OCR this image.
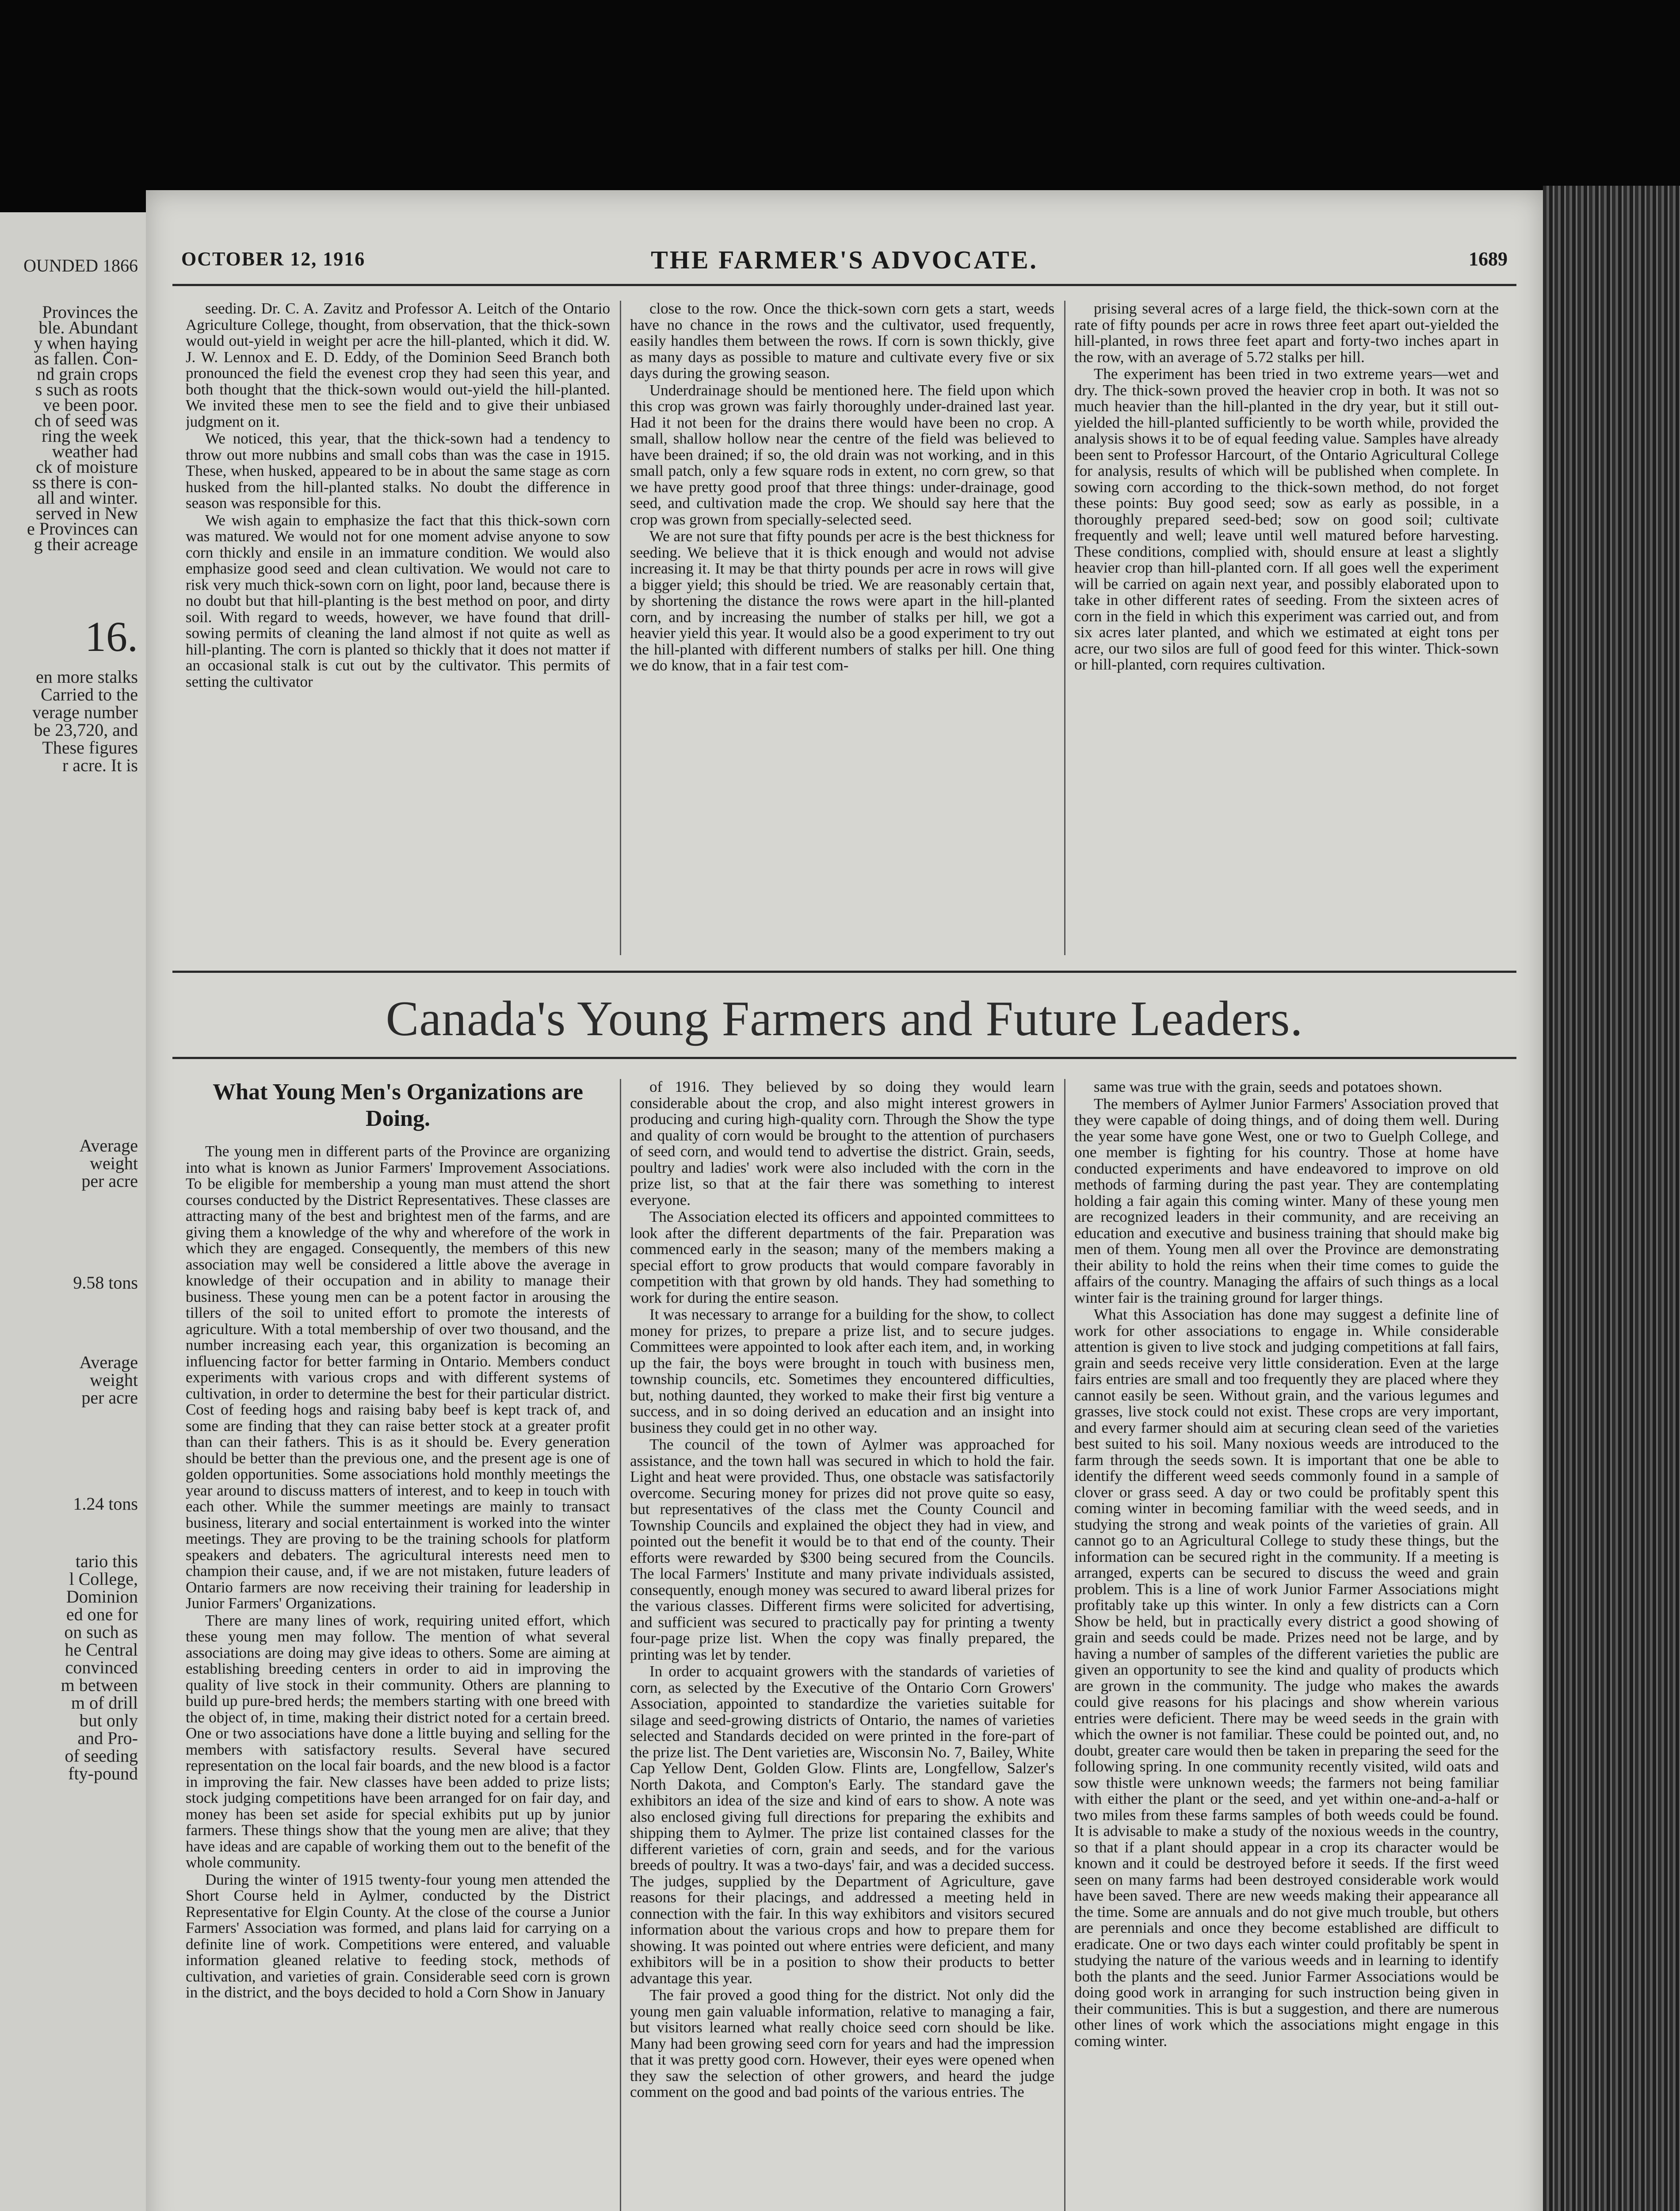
OUNDED 1866
Provinces the
ble. Abundant
y when haying
as fallen. Con-
nd grain crops
s such as roots
ve been poor.
ch of seed was
ring the week
weather had
ck of moisture
ss there is con-
all and winter.
served in New
e Provinces can
g their acreage
16.
en more stalks
Carried to the
verage number
be 23,720, and
These figures
r acre. It is
Average
weight
per acre
9.58 tons
Average
weight
per acre
1.24 tons
tario this
l College,
Dominion
ed one for
on such as
he Central
convinced
m between
m of drill
but only
and Pro-
of seeding
fty-pound
OCTOBER 12, 1916	THE FARMER'S ADVOCATE.	1689

seeding. Dr. C. A. Zavitz and Professor A. Leitch of the Ontario Agriculture College, thought, from observation, that the thick-sown would out-yield in weight per acre the hill-planted, which it did. W. J. W. Lennox and E. D. Eddy, of the Dominion Seed Branch both pronounced the field the evenest crop they had seen this year, and both thought that the thick-sown would out-yield the hill-planted. We invited these men to see the field and to give their unbiased judgment on it.

We noticed, this year, that the thick-sown had a tendency to throw out more nubbins and small cobs than was the case in 1915. These, when husked, appeared to be in about the same stage as corn husked from the hill-planted stalks. No doubt the difference in season was responsible for this.

We wish again to emphasize the fact that this thick-sown corn was matured. We would not for one moment advise anyone to sow corn thickly and ensile in an immature condition. We would also emphasize good seed and clean cultivation. We would not care to risk very much thick-sown corn on light, poor land, because there is no doubt but that hill-planting is the best method on poor, and dirty soil. With regard to weeds, however, we have found that drill-sowing permits of cleaning the land almost if not quite as well as hill-planting. The corn is planted so thickly that it does not matter if an occasional stalk is cut out by the cultivator. This permits of setting the cultivator

close to the row. Once the thick-sown corn gets a start, weeds have no chance in the rows and the cultivator, used frequently, easily handles them between the rows. If corn is sown thickly, give as many days as possible to mature and cultivate every five or six days during the growing season.

Underdrainage should be mentioned here. The field upon which this crop was grown was fairly thoroughly under-drained last year. Had it not been for the drains there would have been no crop. A small, shallow hollow near the centre of the field was believed to have been drained; if so, the old drain was not working, and in this small patch, only a few square rods in extent, no corn grew, so that we have pretty good proof that three things: under-drainage, good seed, and cultivation made the crop. We should say here that the crop was grown from specially-selected seed.

We are not sure that fifty pounds per acre is the best thickness for seeding. We believe that it is thick enough and would not advise increasing it. It may be that thirty pounds per acre in rows will give a bigger yield; this should be tried. We are reasonably certain that, by shortening the distance the rows were apart in the hill-planted corn, and by increasing the number of stalks per hill, we got a heavier yield this year. It would also be a good experiment to try out the hill-planted with different numbers of stalks per hill. One thing we do know, that in a fair test com-

prising several acres of a large field, the thick-sown corn at the rate of fifty pounds per acre in rows three feet apart out-yielded the hill-planted, in rows three feet apart and forty-two inches apart in the row, with an average of 5.72 stalks per hill.

The experiment has been tried in two extreme years—wet and dry. The thick-sown proved the heavier crop in both. It was not so much heavier than the hill-planted in the dry year, but it still out-yielded the hill-planted sufficiently to be worth while, provided the analysis shows it to be of equal feeding value. Samples have already been sent to Professor Harcourt, of the Ontario Agricultural College for analysis, results of which will be published when complete. In sowing corn according to the thick-sown method, do not forget these points: Buy good seed; sow as early as possible, in a thoroughly prepared seed-bed; sow on good soil; cultivate frequently and well; leave until well matured before harvesting. These conditions, complied with, should ensure at least a slightly heavier crop than hill-planted corn. If all goes well the experiment will be carried on again next year, and possibly elaborated upon to take in other different rates of seeding. From the sixteen acres of corn in the field in which this experiment was carried out, and from six acres later planted, and which we estimated at eight tons per acre, our two silos are full of good feed for this winter. Thick-sown or hill-planted, corn requires cultivation.

Canada's Young Farmers and Future Leaders.
What Young Men's Organizations are Doing.

The young men in different parts of the Province are organizing into what is known as Junior Farmers' Improvement Associations. To be eligible for membership a young man must attend the short courses conducted by the District Representatives. These classes are attracting many of the best and brightest men of the farms, and are giving them a knowledge of the why and wherefore of the work in which they are engaged. Consequently, the members of this new association may well be considered a little above the average in knowledge of their occupation and in ability to manage their business. These young men can be a potent factor in arousing the tillers of the soil to united effort to promote the interests of agriculture. With a total membership of over two thousand, and the number increasing each year, this organization is becoming an influencing factor for better farming in Ontario. Members conduct experiments with various crops and with different systems of cultivation, in order to determine the best for their particular district. Cost of feeding hogs and raising baby beef is kept track of, and some are finding that they can raise better stock at a greater profit than can their fathers. This is as it should be. Every generation should be better than the previous one, and the present age is one of golden opportunities. Some associations hold monthly meetings the year around to discuss matters of interest, and to keep in touch with each other. While the summer meetings are mainly to transact business, literary and social entertainment is worked into the winter meetings. They are proving to be the training schools for platform speakers and debaters. The agricultural interests need men to champion their cause, and, if we are not mistaken, future leaders of Ontario farmers are now receiving their training for leadership in Junior Farmers' Organizations.

There are many lines of work, requiring united effort, which these young men may follow. The mention of what several associations are doing may give ideas to others. Some are aiming at establishing breeding centers in order to aid in improving the quality of live stock in their community. Others are planning to build up pure-bred herds; the members starting with one breed with the object of, in time, making their district noted for a certain breed. One or two associations have done a little buying and selling for the members with satisfactory results. Several have secured representation on the local fair boards, and the new blood is a factor in improving the fair. New classes have been added to prize lists; stock judging competitions have been arranged for on fair day, and money has been set aside for special exhibits put up by junior farmers. These things show that the young men are alive; that they have ideas and are capable of working them out to the benefit of the whole community.

During the winter of 1915 twenty-four young men attended the Short Course held in Aylmer, conducted by the District Representative for Elgin County. At the close of the course a Junior Farmers' Association was formed, and plans laid for carrying on a definite line of work. Competitions were entered, and valuable information gleaned relative to feeding stock, methods of cultivation, and varieties of grain. Considerable seed corn is grown in the district, and the boys decided to hold a Corn Show in January

of 1916. They believed by so doing they would learn considerable about the crop, and also might interest growers in producing and curing high-quality corn. Through the Show the type and quality of corn would be brought to the attention of purchasers of seed corn, and would tend to advertise the district. Grain, seeds, poultry and ladies' work were also included with the corn in the prize list, so that at the fair there was something to interest everyone.

The Association elected its officers and appointed committees to look after the different departments of the fair. Preparation was commenced early in the season; many of the members making a special effort to grow products that would compare favorably in competition with that grown by old hands. They had something to work for during the entire season.

It was necessary to arrange for a building for the show, to collect money for prizes, to prepare a prize list, and to secure judges. Committees were appointed to look after each item, and, in working up the fair, the boys were brought in touch with business men, township councils, etc. Sometimes they encountered difficulties, but, nothing daunted, they worked to make their first big venture a success, and in so doing derived an education and an insight into business they could get in no other way.

The council of the town of Aylmer was approached for assistance, and the town hall was secured in which to hold the fair. Light and heat were provided. Thus, one obstacle was satisfactorily overcome. Securing money for prizes did not prove quite so easy, but representatives of the class met the County Council and Township Councils and explained the object they had in view, and pointed out the benefit it would be to that end of the county. Their efforts were rewarded by $300 being secured from the Councils. The local Farmers' Institute and many private individuals assisted, consequently, enough money was secured to award liberal prizes for the various classes. Different firms were solicited for advertising, and sufficient was secured to practically pay for printing a twenty four-page prize list. When the copy was finally prepared, the printing was let by tender.

In order to acquaint growers with the standards of varieties of corn, as selected by the Executive of the Ontario Corn Growers' Association, appointed to standardize the varieties suitable for silage and seed-growing districts of Ontario, the names of varieties selected and Standards decided on were printed in the fore-part of the prize list. The Dent varieties are, Wisconsin No. 7, Bailey, White Cap Yellow Dent, Golden Glow. Flints are, Longfellow, Salzer's North Dakota, and Compton's Early. The standard gave the exhibitors an idea of the size and kind of ears to show. A note was also enclosed giving full directions for preparing the exhibits and shipping them to Aylmer. The prize list contained classes for the different varieties of corn, grain and seeds, and for the various breeds of poultry. It was a two-days' fair, and was a decided success. The judges, supplied by the Department of Agriculture, gave reasons for their placings, and addressed a meeting held in connection with the fair. In this way exhibitors and visitors secured information about the various crops and how to prepare them for showing. It was pointed out where entries were deficient, and many exhibitors will be in a position to show their products to better advantage this year.

The fair proved a good thing for the district. Not only did the young men gain valuable information, relative to managing a fair, but visitors learned what really choice seed corn should be like. Many had been growing seed corn for years and had the impression that it was pretty good corn. However, their eyes were opened when they saw the selection of other growers, and heard the judge comment on the good and bad points of the various entries. The

same was true with the grain, seeds and potatoes shown.

The members of Aylmer Junior Farmers' Association proved that they were capable of doing things, and of doing them well. During the year some have gone West, one or two to Guelph College, and one member is fighting for his country. Those at home have conducted experiments and have endeavored to improve on old methods of farming during the past year. They are contemplating holding a fair again this coming winter. Many of these young men are recognized leaders in their community, and are receiving an education and executive and business training that should make big men of them. Young men all over the Province are demonstrating their ability to hold the reins when their time comes to guide the affairs of the country. Managing the affairs of such things as a local winter fair is the training ground for larger things.

What this Association has done may suggest a definite line of work for other associations to engage in. While considerable attention is given to live stock and judging competitions at fall fairs, grain and seeds receive very little consideration. Even at the large fairs entries are small and too frequently they are placed where they cannot easily be seen. Without grain, and the various legumes and grasses, live stock could not exist. These crops are very important, and every farmer should aim at securing clean seed of the varieties best suited to his soil. Many noxious weeds are introduced to the farm through the seeds sown. It is important that one be able to identify the different weed seeds commonly found in a sample of clover or grass seed. A day or two could be profitably spent this coming winter in becoming familiar with the weed seeds, and in studying the strong and weak points of the varieties of grain. All cannot go to an Agricultural College to study these things, but the information can be secured right in the community. If a meeting is arranged, experts can be secured to discuss the weed and grain problem. This is a line of work Junior Farmer Associations might profitably take up this winter. In only a few districts can a Corn Show be held, but in practically every district a good showing of grain and seeds could be made. Prizes need not be large, and by having a number of samples of the different varieties the public are given an opportunity to see the kind and quality of products which are grown in the community. The judge who makes the awards could give reasons for his placings and show wherein various entries were deficient. There may be weed seeds in the grain with which the owner is not familiar. These could be pointed out, and, no doubt, greater care would then be taken in preparing the seed for the following spring. In one community recently visited, wild oats and sow thistle were unknown weeds; the farmers not being familiar with either the plant or the seed, and yet within one-and-a-half or two miles from these farms samples of both weeds could be found. It is advisable to make a study of the noxious weeds in the country, so that if a plant should appear in a crop its character would be known and it could be destroyed before it seeds. If the first weed seen on many farms had been destroyed considerable work would have been saved. There are new weeds making their appearance all the time. Some are annuals and do not give much trouble, but others are perennials and once they become established are difficult to eradicate. One or two days each winter could profitably be spent in studying the nature of the various weeds and in learning to identify both the plants and the seed. Junior Farmer Associations would be doing good work in arranging for such instruction being given in their communities. This is but a suggestion, and there are numerous other lines of work which the associations might engage in this coming winter.
